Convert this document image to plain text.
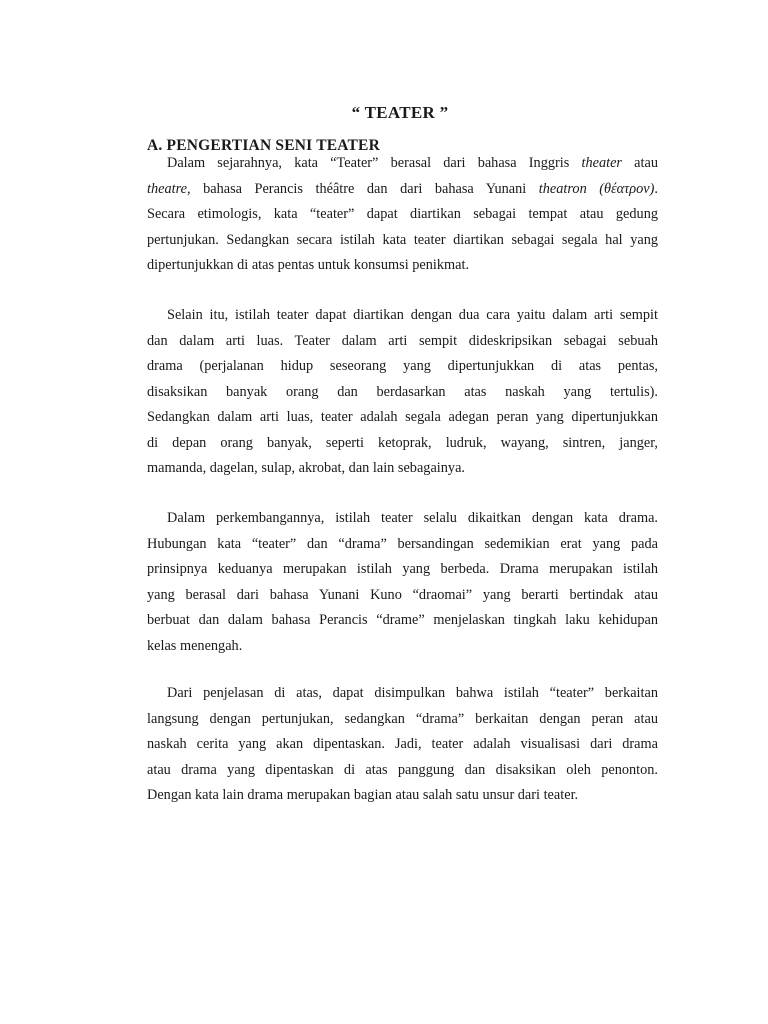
“ TEATER ”
A. PENGERTIAN SENI TEATER
Dalam sejarahnya, kata “Teater” berasal dari bahasa Inggris theater atau
theatre, bahasa Perancis théâtre dan dari bahasa Yunani theatron (θέατρον).
Secara etimologis, kata “teater” dapat diartikan sebagai tempat atau gedung
pertunjukan. Sedangkan secara istilah kata teater diartikan sebagai segala hal yang
dipertunjukkan di atas pentas untuk konsumsi penikmat.
Selain itu, istilah teater dapat diartikan dengan dua cara yaitu dalam arti sempit
dan dalam arti luas. Teater dalam arti sempit dideskripsikan sebagai sebuah
drama (perjalanan hidup seseorang yang dipertunjukkan di atas pentas,
disaksikan banyak orang dan berdasarkan atas naskah yang tertulis).
Sedangkan dalam arti luas, teater adalah segala adegan peran yang dipertunjukkan
di depan orang banyak, seperti ketoprak, ludruk, wayang, sintren, janger,
mamanda, dagelan, sulap, akrobat, dan lain sebagainya.
Dalam perkembangannya, istilah teater selalu dikaitkan dengan kata drama.
Hubungan kata “teater” dan “drama” bersandingan sedemikian erat yang pada
prinsipnya keduanya merupakan istilah yang berbeda. Drama merupakan istilah
yang berasal dari bahasa Yunani Kuno “draomai” yang berarti bertindak atau
berbuat dan dalam bahasa Perancis “drame” menjelaskan tingkah laku kehidupan
kelas menengah.
Dari penjelasan di atas, dapat disimpulkan bahwa istilah “teater” berkaitan
langsung dengan pertunjukan, sedangkan “drama” berkaitan dengan peran atau
naskah cerita yang akan dipentaskan. Jadi, teater adalah visualisasi dari drama
atau drama yang dipentaskan di atas panggung dan disaksikan oleh penonton.
Dengan kata lain drama merupakan bagian atau salah satu unsur dari teater.
